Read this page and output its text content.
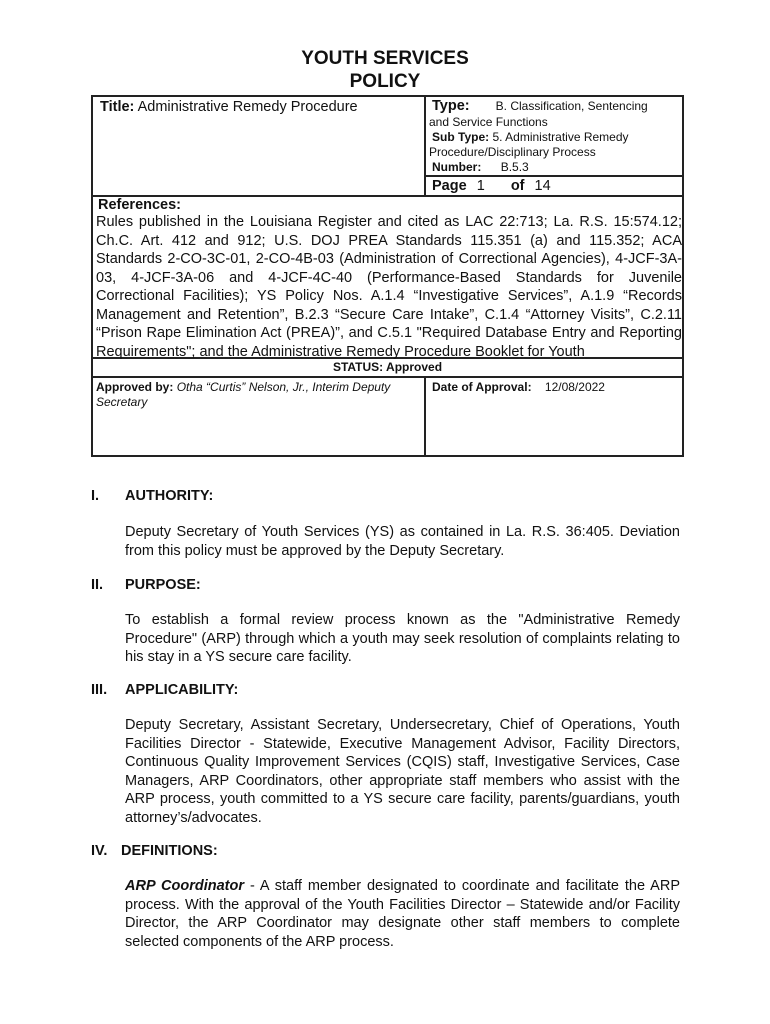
YOUTH SERVICES
POLICY
Title: Administrative Remedy Procedure	Type: B. Classification, Sentencing
and Service Functions
Sub Type: 5. Administrative Remedy
Procedure/Disciplinary Process
Number: B.5.3
Page 1 of 14
References:
Rules published in the Louisiana Register and cited as LAC 22:713; La. R.S. 15:574.12; Ch.C. Art. 412 and 912; U.S. DOJ PREA Standards 115.351 (a) and 115.352; ACA Standards 2-CO-3C-01, 2-CO-4B-03 (Administration of Correctional Agencies), 4-JCF-3A-03, 4-JCF-3A-06 and 4-JCF-4C-40 (Performance-Based Standards for Juvenile Correctional Facilities); YS Policy Nos. A.1.4 “Investigative Services”, A.1.9 “Records Management and Retention”, B.2.3 “Secure Care Intake”, C.1.4 “Attorney Visits”, C.2.11 “Prison Rape Elimination Act (PREA)”, and C.5.1 "Required Database Entry and Reporting Requirements"; and the Administrative Remedy Procedure Booklet for Youth
STATUS: Approved
Approved by: Otha “Curtis” Nelson, Jr., Interim Deputy
Secretary
Date of Approval: 12/08/2022
I. AUTHORITY:
Deputy Secretary of Youth Services (YS) as contained in La. R.S. 36:405. Deviation from this policy must be approved by the Deputy Secretary.
II. PURPOSE:
To establish a formal review process known as the "Administrative Remedy Procedure" (ARP) through which a youth may seek resolution of complaints relating to his stay in a YS secure care facility.
III. APPLICABILITY:
Deputy Secretary, Assistant Secretary, Undersecretary, Chief of Operations, Youth Facilities Director - Statewide, Executive Management Advisor, Facility Directors, Continuous Quality Improvement Services (CQIS) staff, Investigative Services, Case Managers, ARP Coordinators, other appropriate staff members who assist with the ARP process, youth committed to a YS secure care facility, parents/guardians, youth attorney’s/advocates.
IV. DEFINITIONS:
ARP Coordinator - A staff member designated to coordinate and facilitate the ARP process. With the approval of the Youth Facilities Director – Statewide and/or Facility Director, the ARP Coordinator may designate other staff members to complete selected components of the ARP process.
